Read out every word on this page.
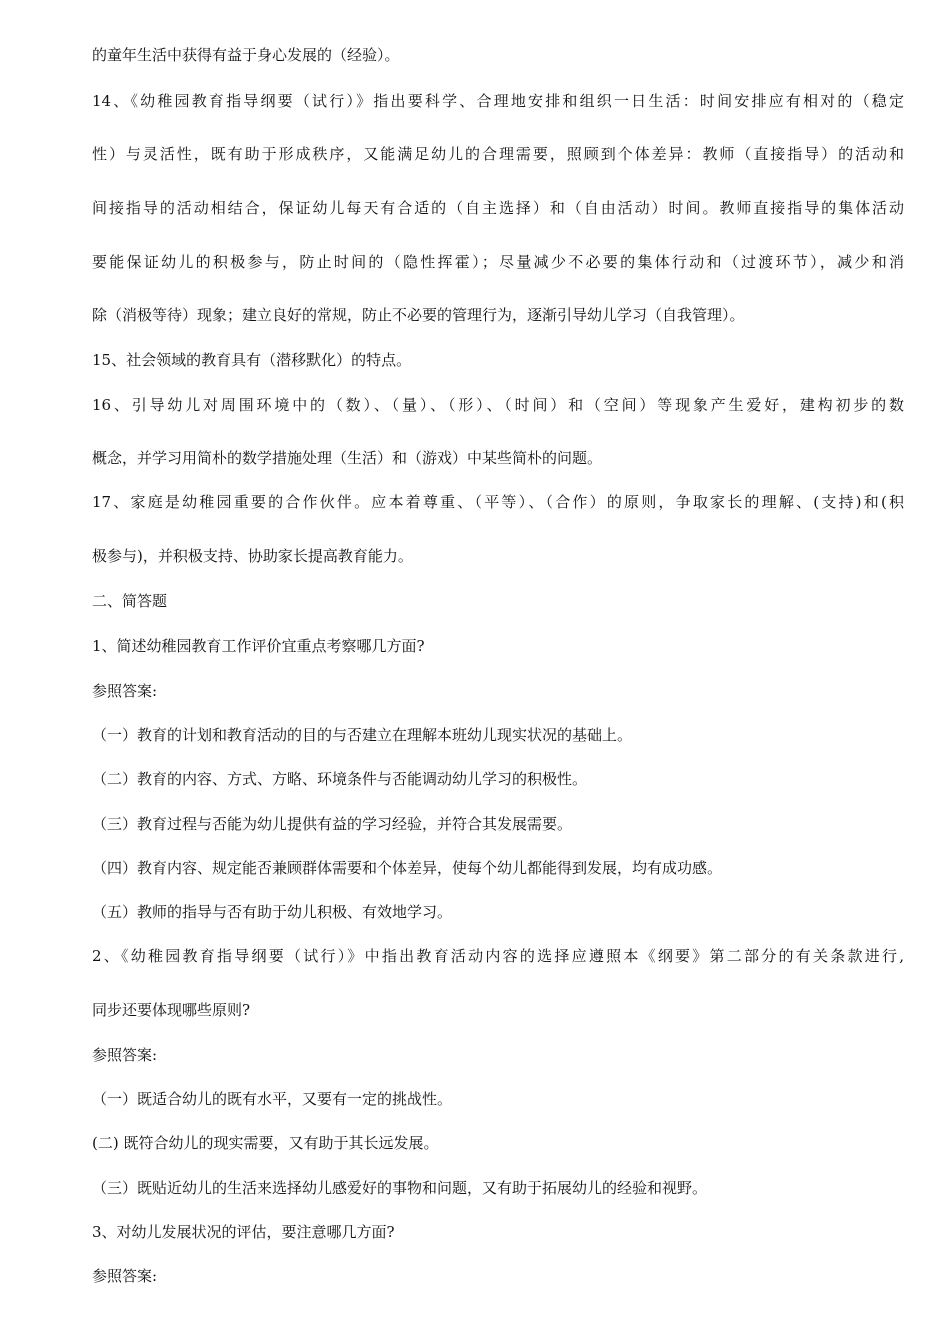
的童年生活中获得有益于身心发展的（经验）。
14、《幼稚园教育指导纲要（试行）》指出要科学、合理地安排和组织一日生活：时间安排应有相对的（稳定
性）与灵活性，既有助于形成秩序，又能满足幼儿的合理需要，照顾到个体差异：教师（直接指导）的活动和
间接指导的活动相结合，保证幼儿每天有合适的（自主选择）和（自由活动）时间。教师直接指导的集体活动
要能保证幼儿的积极参与，防止时间的（隐性挥霍）；尽量减少不必要的集体行动和（过渡环节），减少和消
除（消极等待）现象；建立良好的常规，防止不必要的管理行为，逐渐引导幼儿学习（自我管理）。
15、社会领域的教育具有（潜移默化）的特点。
16、引导幼儿对周围环境中的（数）、（量）、（形）、（时间）和（空间）等现象产生爱好，建构初步的数
概念，并学习用简朴的数学措施处理（生活）和（游戏）中某些简朴的问题。
17、家庭是幼稚园重要的合作伙伴。应本着尊重、（平等）、（合作）的原则，争取家长的理解、(支持)和(积
极参与)，并积极支持、协助家长提高教育能力。
二、简答题
1、简述幼稚园教育工作评价宜重点考察哪几方面?
参照答案:
（一）教育的计划和教育活动的目的与否建立在理解本班幼儿现实状况的基础上。
（二）教育的内容、方式、方略、环境条件与否能调动幼儿学习的积极性。
（三）教育过程与否能为幼儿提供有益的学习经验，并符合其发展需要。
（四）教育内容、规定能否兼顾群体需要和个体差异，使每个幼儿都能得到发展，均有成功感。
（五）教师的指导与否有助于幼儿积极、有效地学习。
2、《幼稚园教育指导纲要（试行）》中指出教育活动内容的选择应遵照本《纲要》第二部分的有关条款进行,
同步还要体现哪些原则?
参照答案:
（一）既适合幼儿的既有水平，又要有一定的挑战性。
(二) 既符合幼儿的现实需要，又有助于其长远发展。
（三）既贴近幼儿的生活来选择幼儿感爱好的事物和问题，又有助于拓展幼儿的经验和视野。
3、对幼儿发展状况的评估，要注意哪几方面?
参照答案:
